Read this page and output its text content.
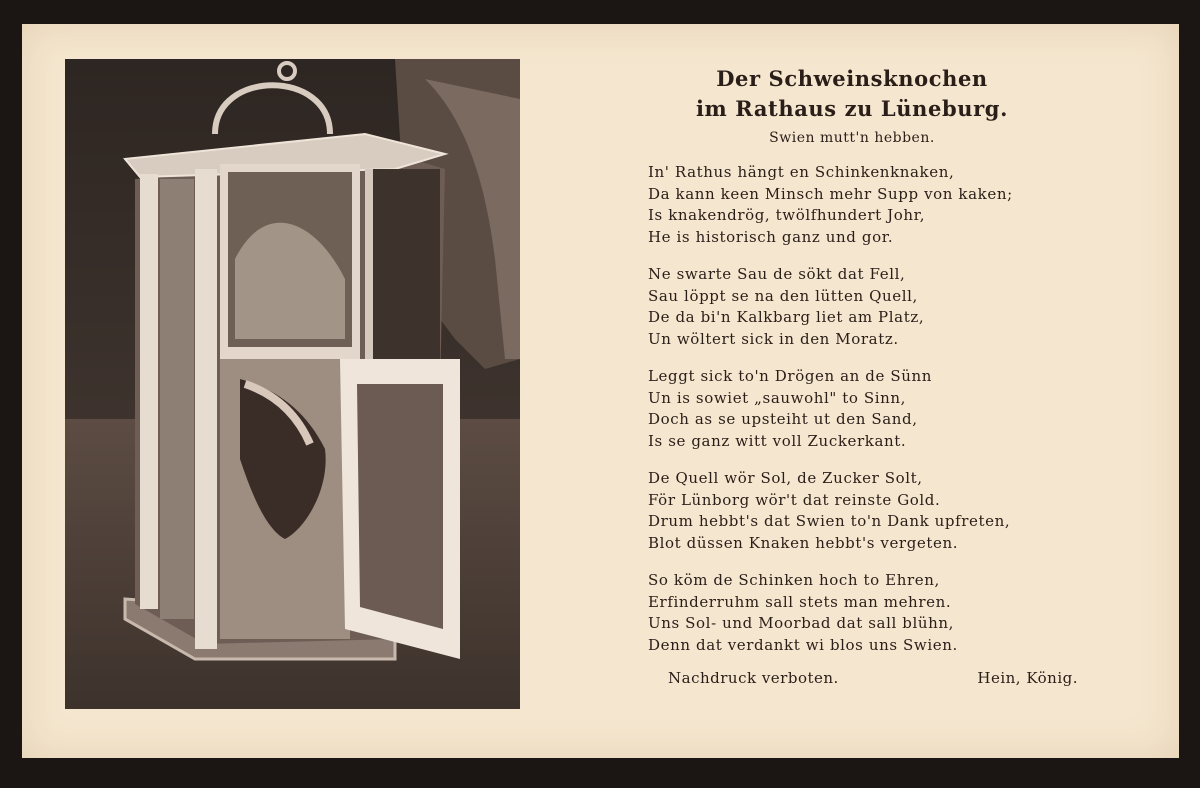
Der Schweinsknochen
im Rathaus zu Lüneburg.
Swien mutt'n hebben.
In' Rathus hängt en Schinkenknaken,
Da kann keen Minsch mehr Supp von kaken;
Is knakendrög, twölfhundert Johr,
He is historisch ganz und gor.
Ne swarte Sau de sökt dat Fell,
Sau löppt se na den lütten Quell,
De da bi'n Kalkbarg liet am Platz,
Un wöltert sick in den Moratz.
Leggt sick to'n Drögen an de Sünn
Un is sowiet „sauwohl" to Sinn,
Doch as se upsteiht ut den Sand,
Is se ganz witt voll Zuckerkant.
De Quell wör Sol, de Zucker Solt,
För Lünborg wör't dat reinste Gold.
Drum hebbt's dat Swien to'n Dank upfreten,
Blot düssen Knaken hebbt's vergeten.
So köm de Schinken hoch to Ehren,
Erfinderruhm sall stets man mehren.
Uns Sol- und Moorbad dat sall blühn,
Denn dat verdankt wi blos uns Swien.
Nachdruck verboten.	Hein, König.
